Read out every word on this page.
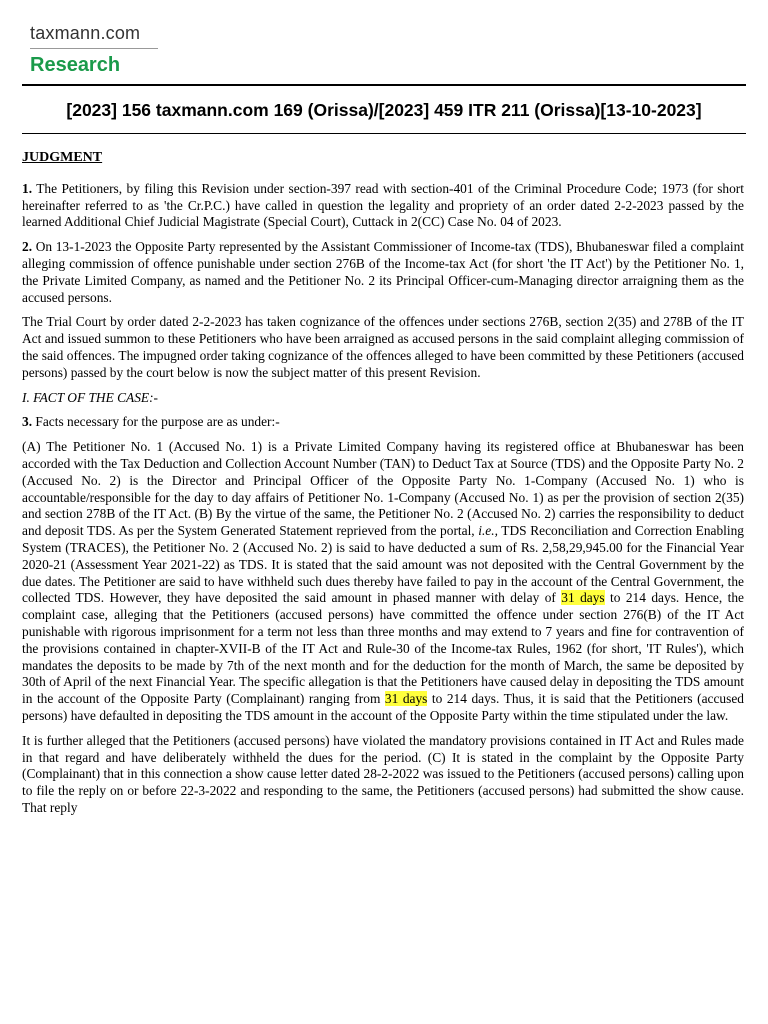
taxmann.com
Research
[2023] 156 taxmann.com 169 (Orissa)/[2023] 459 ITR 211 (Orissa)[13-10-2023]
JUDGMENT

1. The Petitioners, by filing this Revision under section-397 read with section-401 of the Criminal Procedure Code; 1973 (for short hereinafter referred to as 'the Cr.P.C.) have called in question the legality and propriety of an order dated 2-2-2023 passed by the learned Additional Chief Judicial Magistrate (Special Court), Cuttack in 2(CC) Case No. 04 of 2023.

2. On 13-1-2023 the Opposite Party represented by the Assistant Commissioner of Income-tax (TDS), Bhubaneswar filed a complaint alleging commission of offence punishable under section 276B of the Income-tax Act (for short 'the IT Act') by the Petitioner No. 1, the Private Limited Company, as named and the Petitioner No. 2 its Principal Officer-cum-Managing director arraigning them as the accused persons.

The Trial Court by order dated 2-2-2023 has taken cognizance of the offences under sections 276B, section 2(35) and 278B of the IT Act and issued summon to these Petitioners who have been arraigned as accused persons in the said complaint alleging commission of the said offences. The impugned order taking cognizance of the offences alleged to have been committed by these Petitioners (accused persons) passed by the court below is now the subject matter of this present Revision.

I. FACT OF THE CASE:-

3. Facts necessary for the purpose are as under:-

(A) The Petitioner No. 1 (Accused No. 1) is a Private Limited Company having its registered office at Bhubaneswar has been accorded with the Tax Deduction and Collection Account Number (TAN) to Deduct Tax at Source (TDS) and the Opposite Party No. 2 (Accused No. 2) is the Director and Principal Officer of the Opposite Party No. 1-Company (Accused No. 1) who is accountable/responsible for the day to day affairs of Petitioner No. 1-Company (Accused No. 1) as per the provision of section 2(35) and section 278B of the IT Act. (B) By the virtue of the same, the Petitioner No. 2 (Accused No. 2) carries the responsibility to deduct and deposit TDS. As per the System Generated Statement reprieved from the portal, i.e., TDS Reconciliation and Correction Enabling System (TRACES), the Petitioner No. 2 (Accused No. 2) is said to have deducted a sum of Rs. 2,58,29,945.00 for the Financial Year 2020-21 (Assessment Year 2021-22) as TDS. It is stated that the said amount was not deposited with the Central Government by the due dates. The Petitioner are said to have withheld such dues thereby have failed to pay in the account of the Central Government, the collected TDS. However, they have deposited the said amount in phased manner with delay of 31 days to 214 days. Hence, the complaint case, alleging that the Petitioners (accused persons) have committed the offence under section 276(B) of the IT Act punishable with rigorous imprisonment for a term not less than three months and may extend to 7 years and fine for contravention of the provisions contained in chapter-XVII-B of the IT Act and Rule-30 of the Income-tax Rules, 1962 (for short, 'IT Rules'), which mandates the deposits to be made by 7th of the next month and for the deduction for the month of March, the same be deposited by 30th of April of the next Financial Year. The specific allegation is that the Petitioners have caused delay in depositing the TDS amount in the account of the Opposite Party (Complainant) ranging from 31 days to 214 days. Thus, it is said that the Petitioners (accused persons) have defaulted in depositing the TDS amount in the account of the Opposite Party within the time stipulated under the law.

It is further alleged that the Petitioners (accused persons) have violated the mandatory provisions contained in IT Act and Rules made in that regard and have deliberately withheld the dues for the period. (C) It is stated in the complaint by the Opposite Party (Complainant) that in this connection a show cause letter dated 28-2-2022 was issued to the Petitioners (accused persons) calling upon to file the reply on or before 22-3-2022 and responding to the same, the Petitioners (accused persons) had submitted the show cause. That reply
